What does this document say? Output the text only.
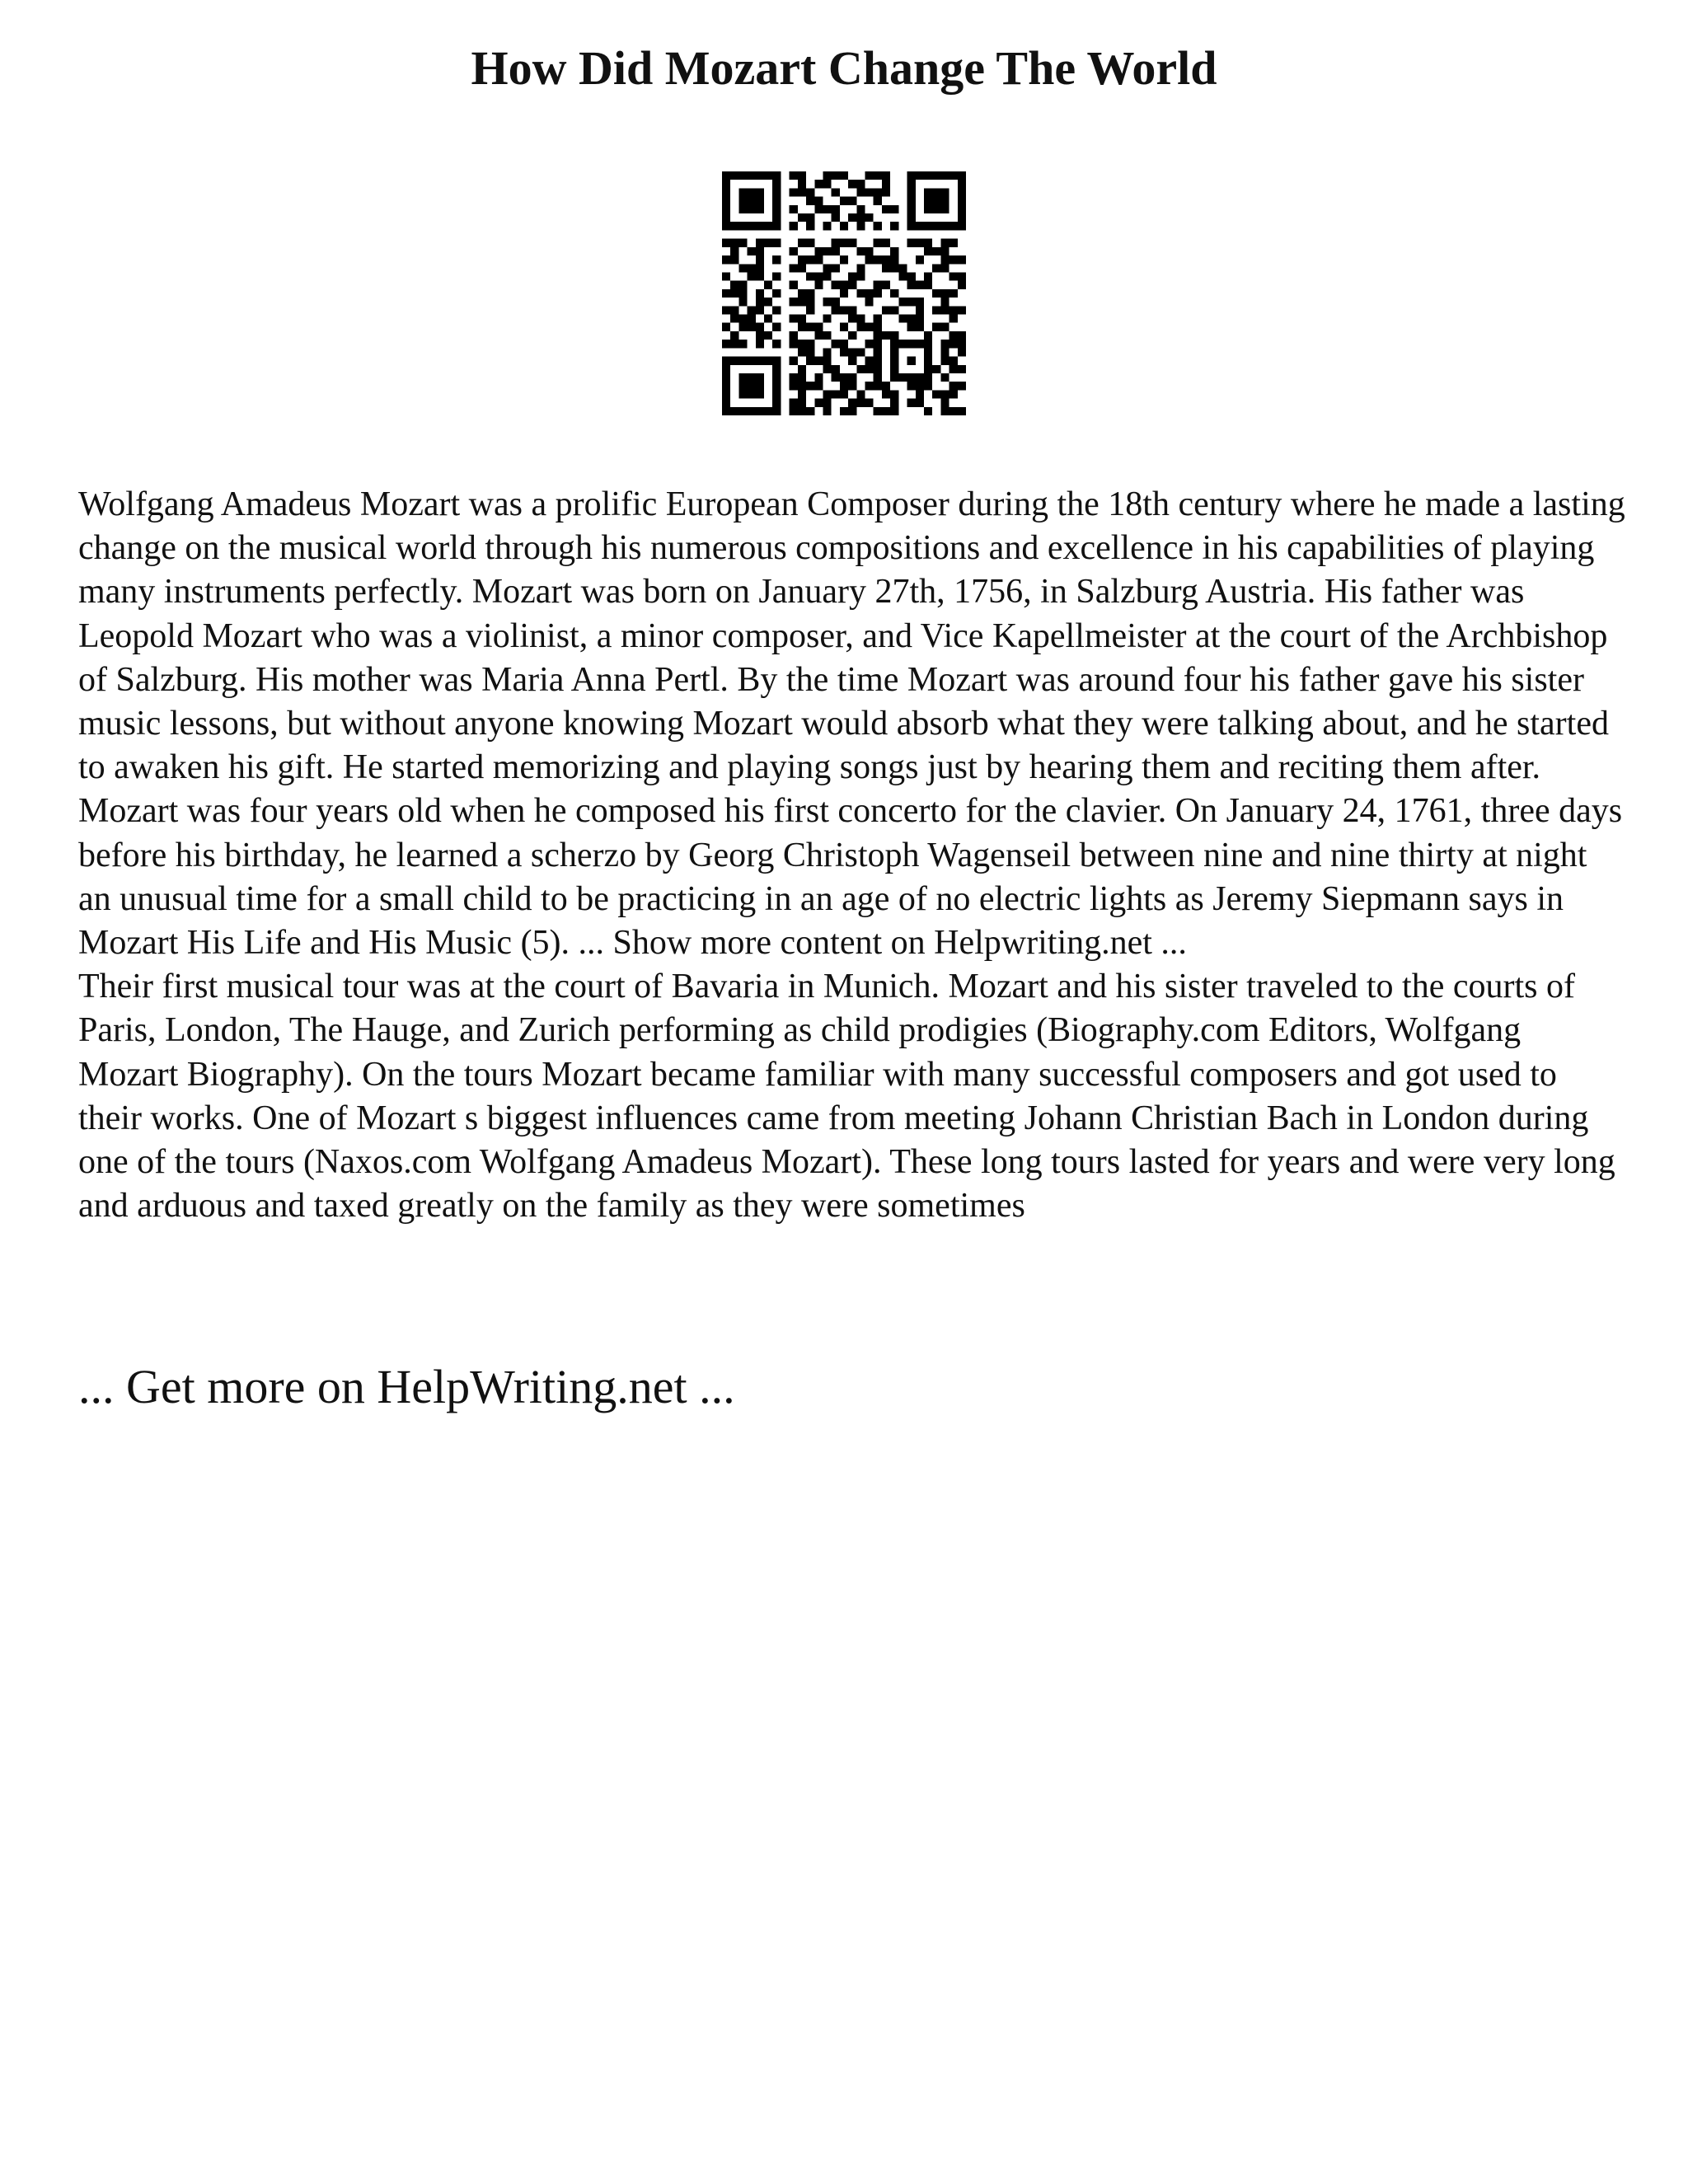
How Did Mozart Change The World

Wolfgang Amadeus Mozart was a prolific European Composer during the 18th century where he made a lasting change on the musical world through his numerous compositions and excellence in his capabilities of playing many instruments perfectly. Mozart was born on January 27th, 1756, in Salzburg Austria. His father was Leopold Mozart who was a violinist, a minor composer, and Vice Kapellmeister at the court of the Archbishop of Salzburg. His mother was Maria Anna Pertl. By the time Mozart was around four his father gave his sister music lessons, but without anyone knowing Mozart would absorb what they were talking about, and he started to awaken his gift. He started memorizing and playing songs just by hearing them and reciting them after. Mozart was four years old when he composed his first concerto for the clavier. On January 24, 1761, three days before his birthday, he learned a scherzo by Georg Christoph Wagenseil between nine and nine thirty at night an unusual time for a small child to be practicing in an age of no electric lights as Jeremy Siepmann says in Mozart His Life and His Music (5). ... Show more content on Helpwriting.net ...

Their first musical tour was at the court of Bavaria in Munich. Mozart and his sister traveled to the courts of Paris, London, The Hauge, and Zurich performing as child prodigies (Biography.com Editors, Wolfgang Mozart Biography). On the tours Mozart became familiar with many successful composers and got used to their works. One of Mozart s biggest influences came from meeting Johann Christian Bach in London during one of the tours (Naxos.com Wolfgang Amadeus Mozart). These long tours lasted for years and were very long and arduous and taxed greatly on the family as they were sometimes

... Get more on HelpWriting.net ...
